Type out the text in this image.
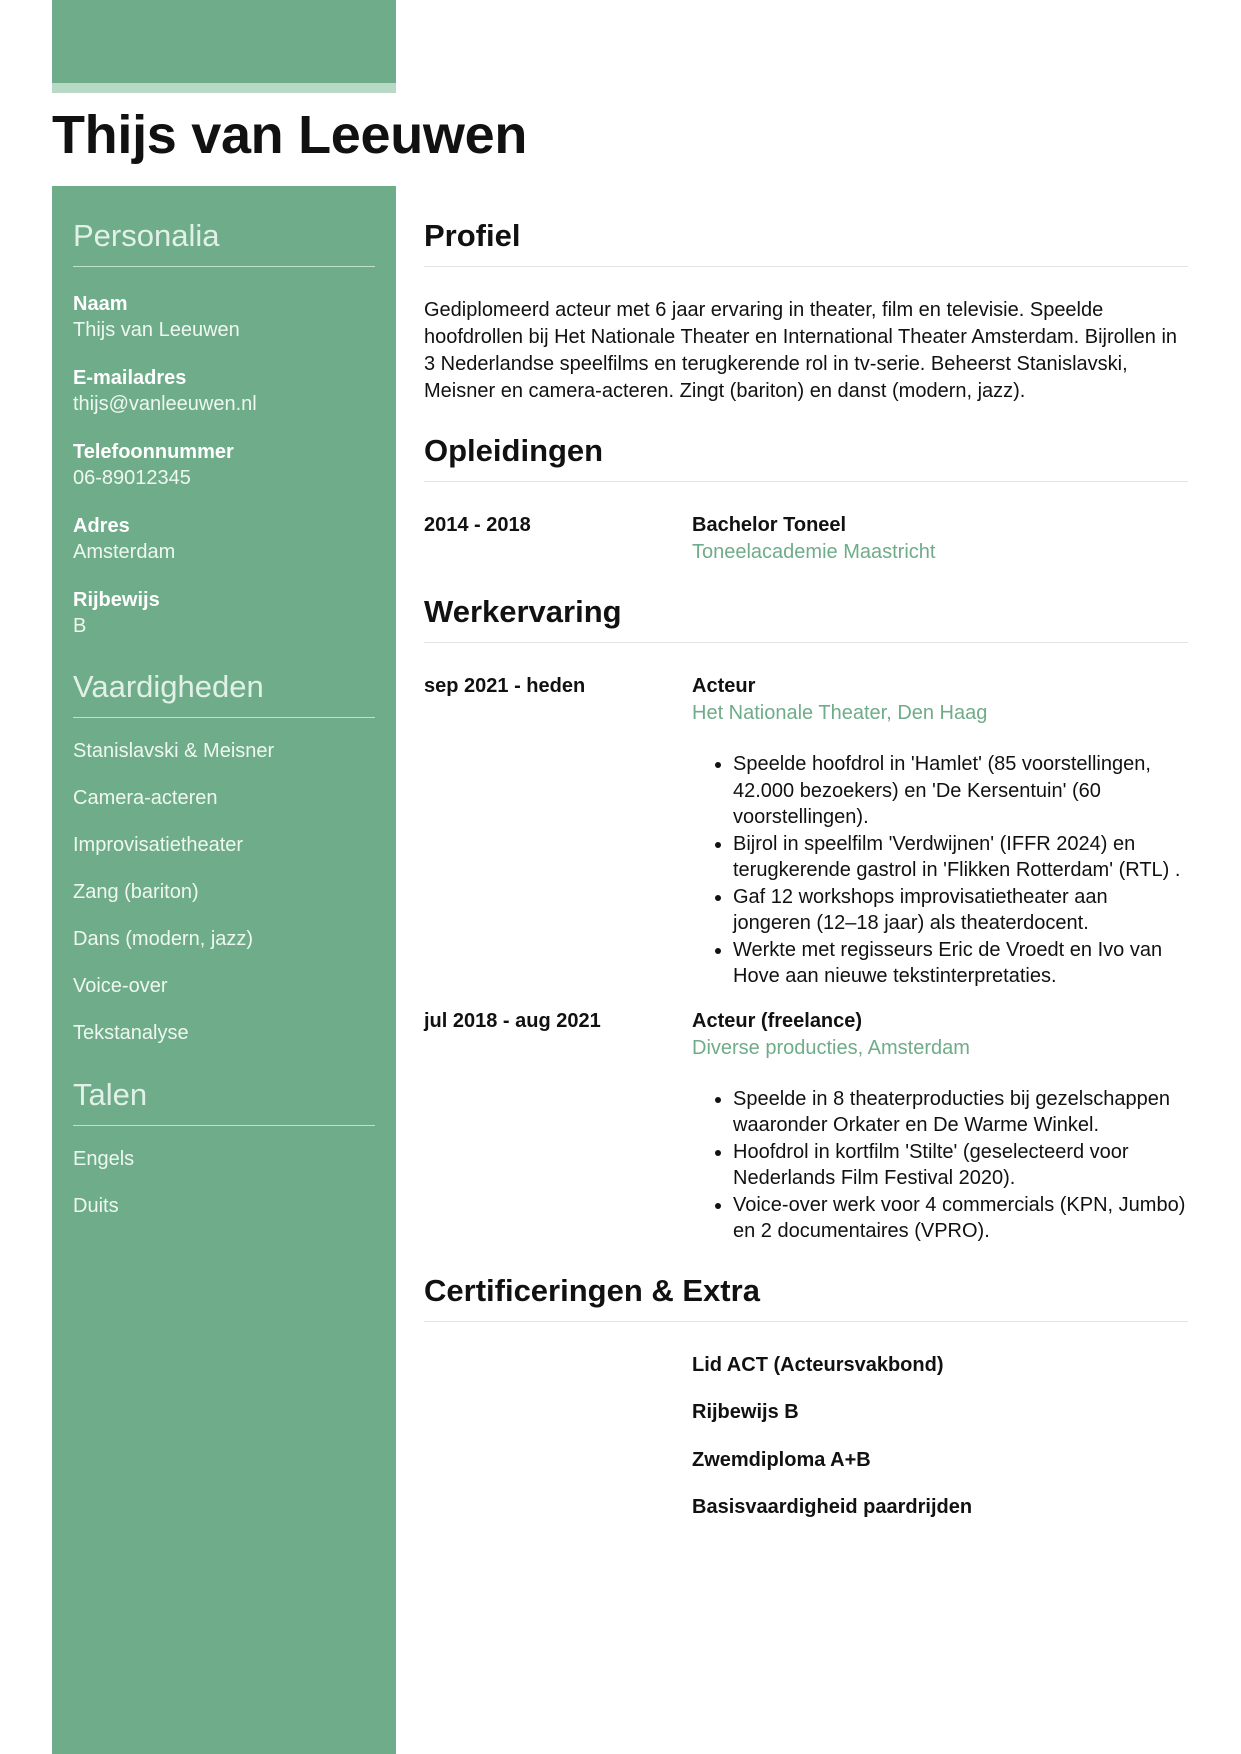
Thijs van Leeuwen
Personalia
Naam
Thijs van Leeuwen
E-mailadres
thijs@vanleeuwen.nl
Telefoonnummer
06-89012345
Adres
Amsterdam
Rijbewijs
B
Vaardigheden
Stanislavski & Meisner
Camera-acteren
Improvisatietheater
Zang (bariton)
Dans (modern, jazz)
Voice-over
Tekstanalyse
Talen
Engels
Duits
Profiel

Gediplomeerd acteur met 6 jaar ervaring in theater, film en televisie. Speelde hoofdrollen bij Het Nationale Theater en International Theater Amsterdam. Bijrollen in 3 Nederlandse speelfilms en terugkerende rol in tv-serie. Beheerst Stanislavski, Meisner en camera-acteren. Zingt (bariton) en danst (modern, jazz).

Opleidingen
2014 - 2018	Bachelor Toneel
Toneelacademie Maastricht
Werkervaring
sep 2021 - heden	Acteur
Het Nationale Theater, Den Haag
• Speelde hoofdrol in 'Hamlet' (85 voorstellingen, 42.000 bezoekers) en 'De Kersentuin' (60 voorstellingen).
• Bijrol in speelfilm 'Verdwijnen' (IFFR 2024) en terugkerende gastrol in 'Flikken Rotterdam' (RTL) .
• Gaf 12 workshops improvisatietheater aan jongeren (12–18 jaar) als theaterdocent.
• Werkte met regisseurs Eric de Vroedt en Ivo van Hove aan nieuwe tekstinterpretaties.
jul 2018 - aug 2021	Acteur (freelance)
Diverse producties, Amsterdam
• Speelde in 8 theaterproducties bij gezelschappen waaronder Orkater en De Warme Winkel.
• Hoofdrol in kortfilm 'Stilte' (geselecteerd voor Nederlands Film Festival 2020).
• Voice-over werk voor 4 commercials (KPN, Jumbo) en 2 documentaires (VPRO).
Certificeringen & Extra
Lid ACT (Acteursvakbond)
Rijbewijs B
Zwemdiploma A+B
Basisvaardigheid paardrijden
